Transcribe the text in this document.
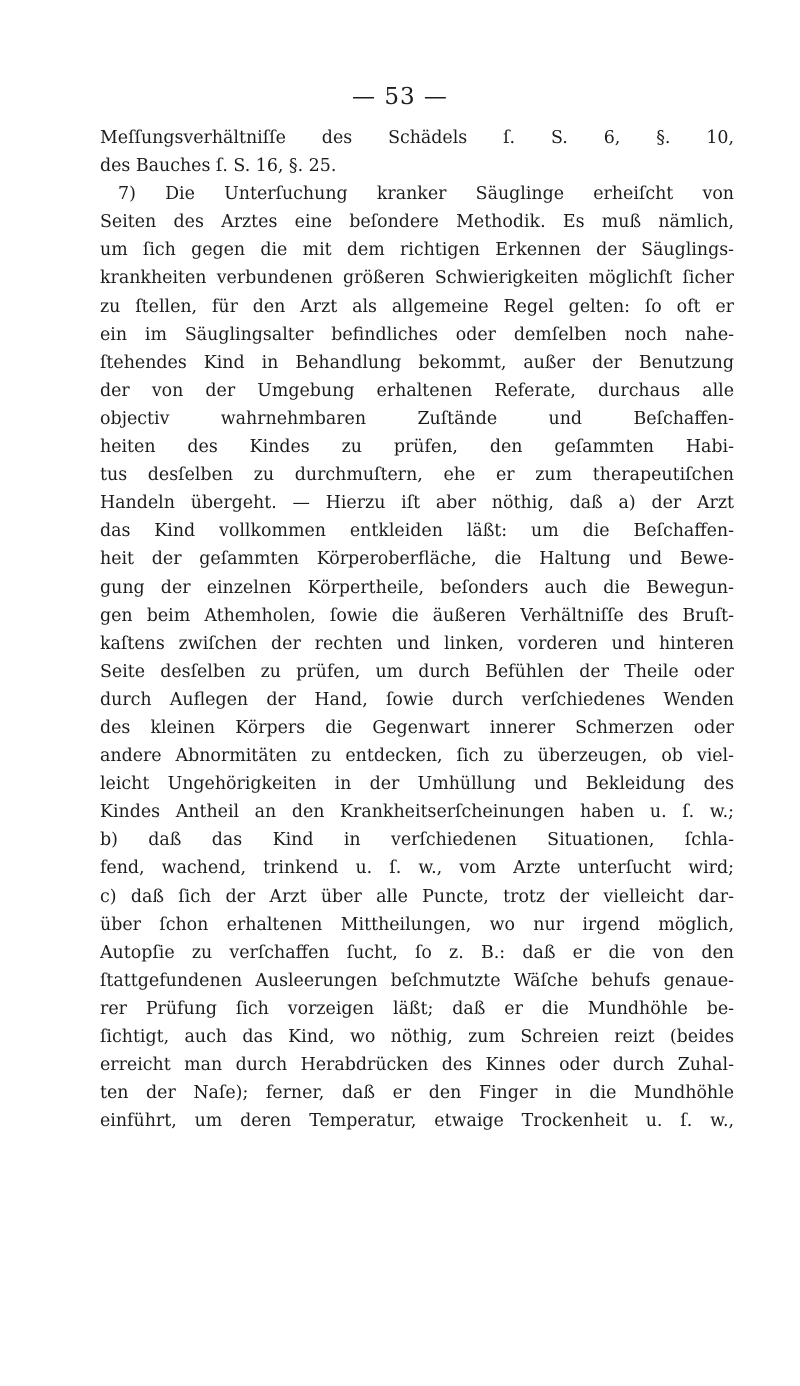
— 53 —
Meſſungsverhältniſſe des Schädels ſ. S. 6, §. 10,
des Bauches ſ. S. 16, §. 25.
7) Die Unterſuchung kranker Säuglinge erheiſcht von
Seiten des Arztes eine beſondere Methodik. Es muß nämlich,
um ſich gegen die mit dem richtigen Erkennen der Säuglings-
krankheiten verbundenen größeren Schwierigkeiten möglichſt ſicher
zu ſtellen, für den Arzt als allgemeine Regel gelten: ſo oft er
ein im Säuglingsalter befindliches oder demſelben noch nahe-
ſtehendes Kind in Behandlung bekommt, außer der Benutzung
der von der Umgebung erhaltenen Referate, durchaus alle
objectiv wahrnehmbaren Zuſtände und Beſchaffen-
heiten des Kindes zu prüfen, den geſammten Habi-
tus desſelben zu durchmuſtern, ehe er zum therapeutiſchen
Handeln übergeht. — Hierzu iſt aber nöthig, daß a) der Arzt
das Kind vollkommen entkleiden läßt: um die Beſchaffen-
heit der geſammten Körperoberfläche, die Haltung und Bewe-
gung der einzelnen Körpertheile, beſonders auch die Bewegun-
gen beim Athemholen, ſowie die äußeren Verhältniſſe des Bruſt-
kaſtens zwiſchen der rechten und linken, vorderen und hinteren
Seite desſelben zu prüfen, um durch Befühlen der Theile oder
durch Auflegen der Hand, ſowie durch verſchiedenes Wenden
des kleinen Körpers die Gegenwart innerer Schmerzen oder
andere Abnormitäten zu entdecken, ſich zu überzeugen, ob viel-
leicht Ungehörigkeiten in der Umhüllung und Bekleidung des
Kindes Antheil an den Krankheitserſcheinungen haben u. ſ. w.;
b) daß das Kind in verſchiedenen Situationen, ſchla-
fend, wachend, trinkend u. ſ. w., vom Arzte unterſucht wird;
c) daß ſich der Arzt über alle Puncte, trotz der vielleicht dar-
über ſchon erhaltenen Mittheilungen, wo nur irgend möglich,
Autopſie zu verſchaffen ſucht, ſo z. B.: daß er die von den
ſtattgefundenen Ausleerungen beſchmutzte Wäſche behufs genaue-
rer Prüfung ſich vorzeigen läßt; daß er die Mundhöhle be-
ſichtigt, auch das Kind, wo nöthig, zum Schreien reizt (beides
erreicht man durch Herabdrücken des Kinnes oder durch Zuhal-
ten der Naſe); ferner, daß er den Finger in die Mundhöhle
einführt, um deren Temperatur, etwaige Trockenheit u. ſ. w.,
